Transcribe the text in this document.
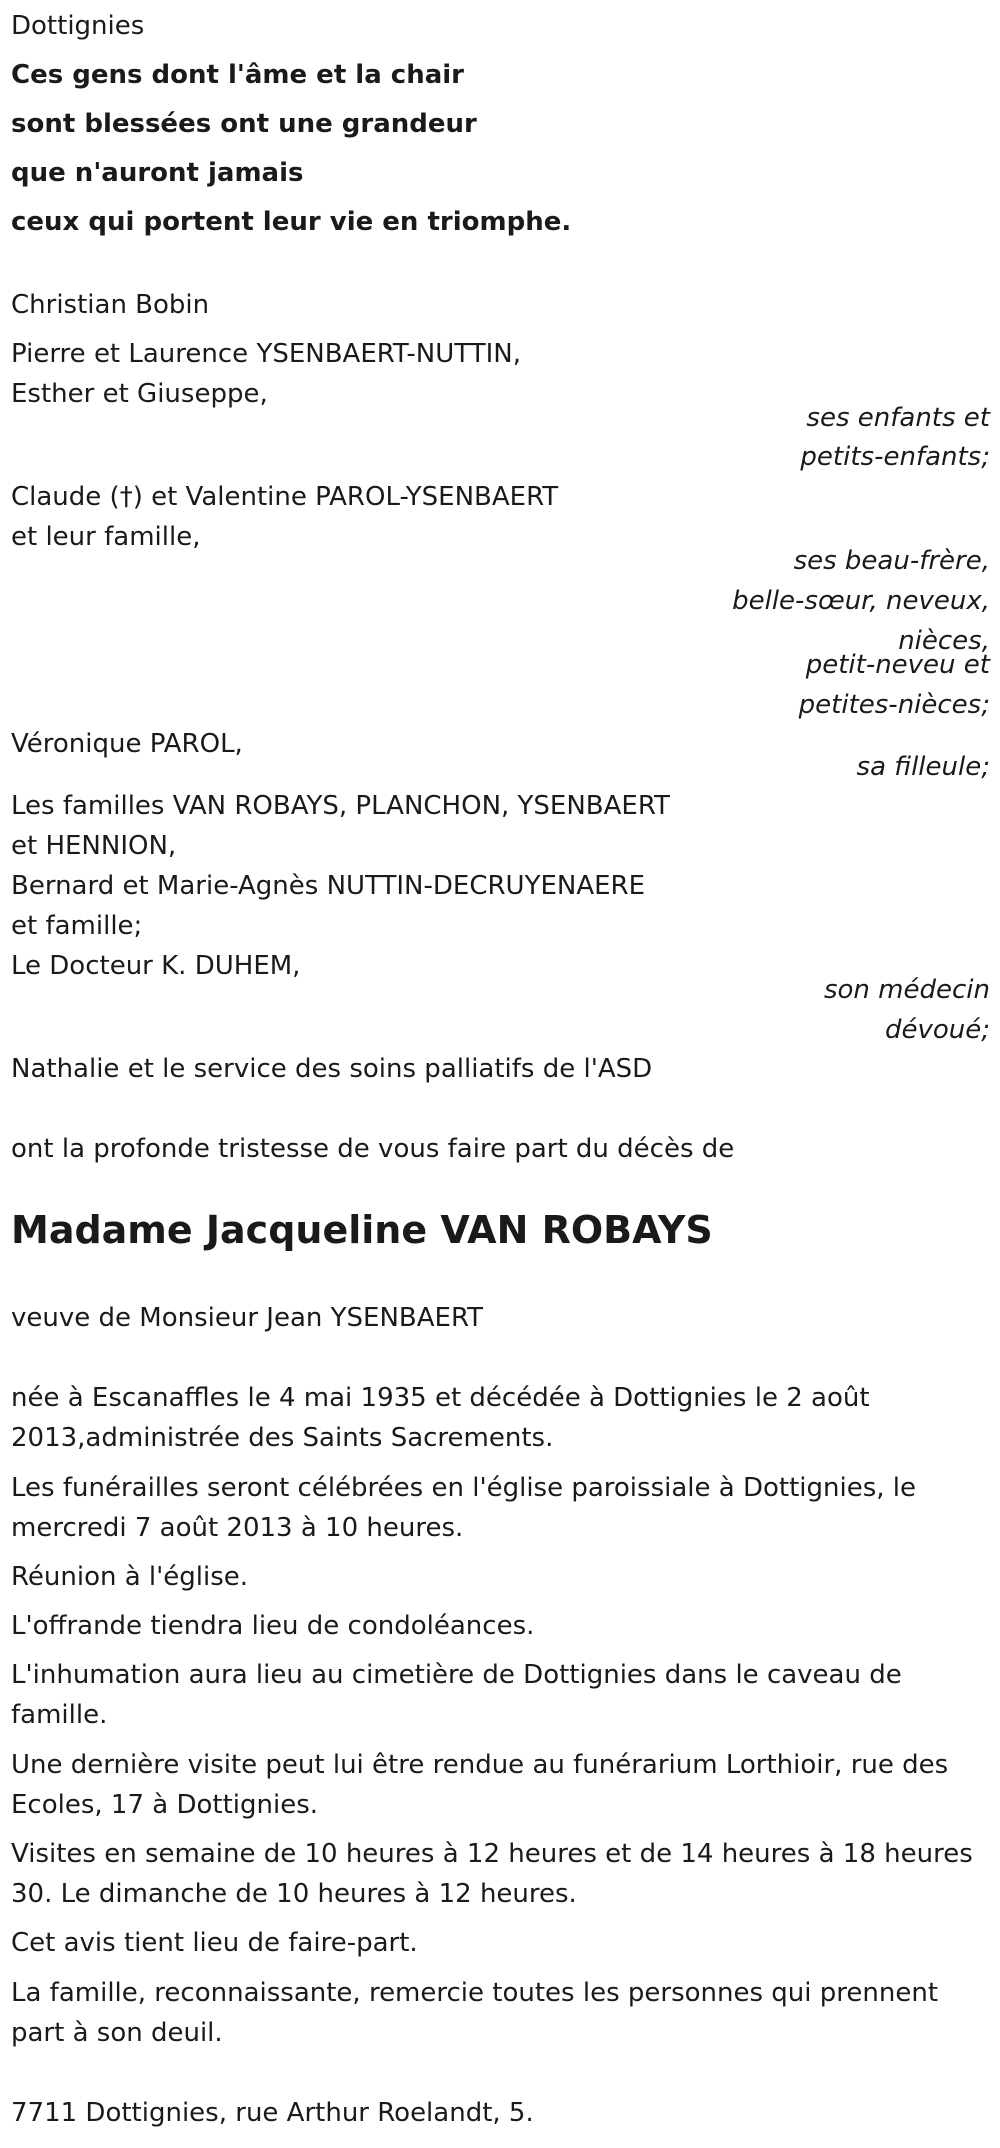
Dottignies
Ces gens dont l'âme et la chair
sont blessées ont une grandeur
que n'auront jamais
ceux qui portent leur vie en triomphe.
Christian Bobin
Pierre et Laurence YSENBAERT-NUTTIN,
Esther et Giuseppe,
ses enfants et
petits-enfants;
Claude (†) et Valentine PAROL-YSENBAERT
et leur famille,
ses beau-frère,
belle-sœur, neveux,
nièces,
petit-neveu et
petites-nièces;
Véronique PAROL,
sa filleule;
Les familles VAN ROBAYS, PLANCHON, YSENBAERT
et HENNION,
Bernard et Marie-Agnès NUTTIN-DECRUYENAERE
et famille;
Le Docteur K. DUHEM,
son médecin
dévoué;
Nathalie et le service des soins palliatifs de l'ASD
ont la profonde tristesse de vous faire part du décès de
Madame Jacqueline VAN ROBAYS
veuve de Monsieur Jean YSENBAERT
née à Escanaffles le 4 mai 1935 et décédée à Dottignies le 2 août
2013,administrée des Saints Sacrements.
Les funérailles seront célébrées en l'église paroissiale à Dottignies, le
mercredi 7 août 2013 à 10 heures.
Réunion à l'église.
L'offrande tiendra lieu de condoléances.
L'inhumation aura lieu au cimetière de Dottignies dans le caveau de
famille.
Une dernière visite peut lui être rendue au funérarium Lorthioir, rue des
Ecoles, 17 à Dottignies.
Visites en semaine de 10 heures à 12 heures et de 14 heures à 18 heures
30. Le dimanche de 10 heures à 12 heures.
Cet avis tient lieu de faire-part.
La famille, reconnaissante, remercie toutes les personnes qui prennent
part à son deuil.
7711 Dottignies, rue Arthur Roelandt, 5.
